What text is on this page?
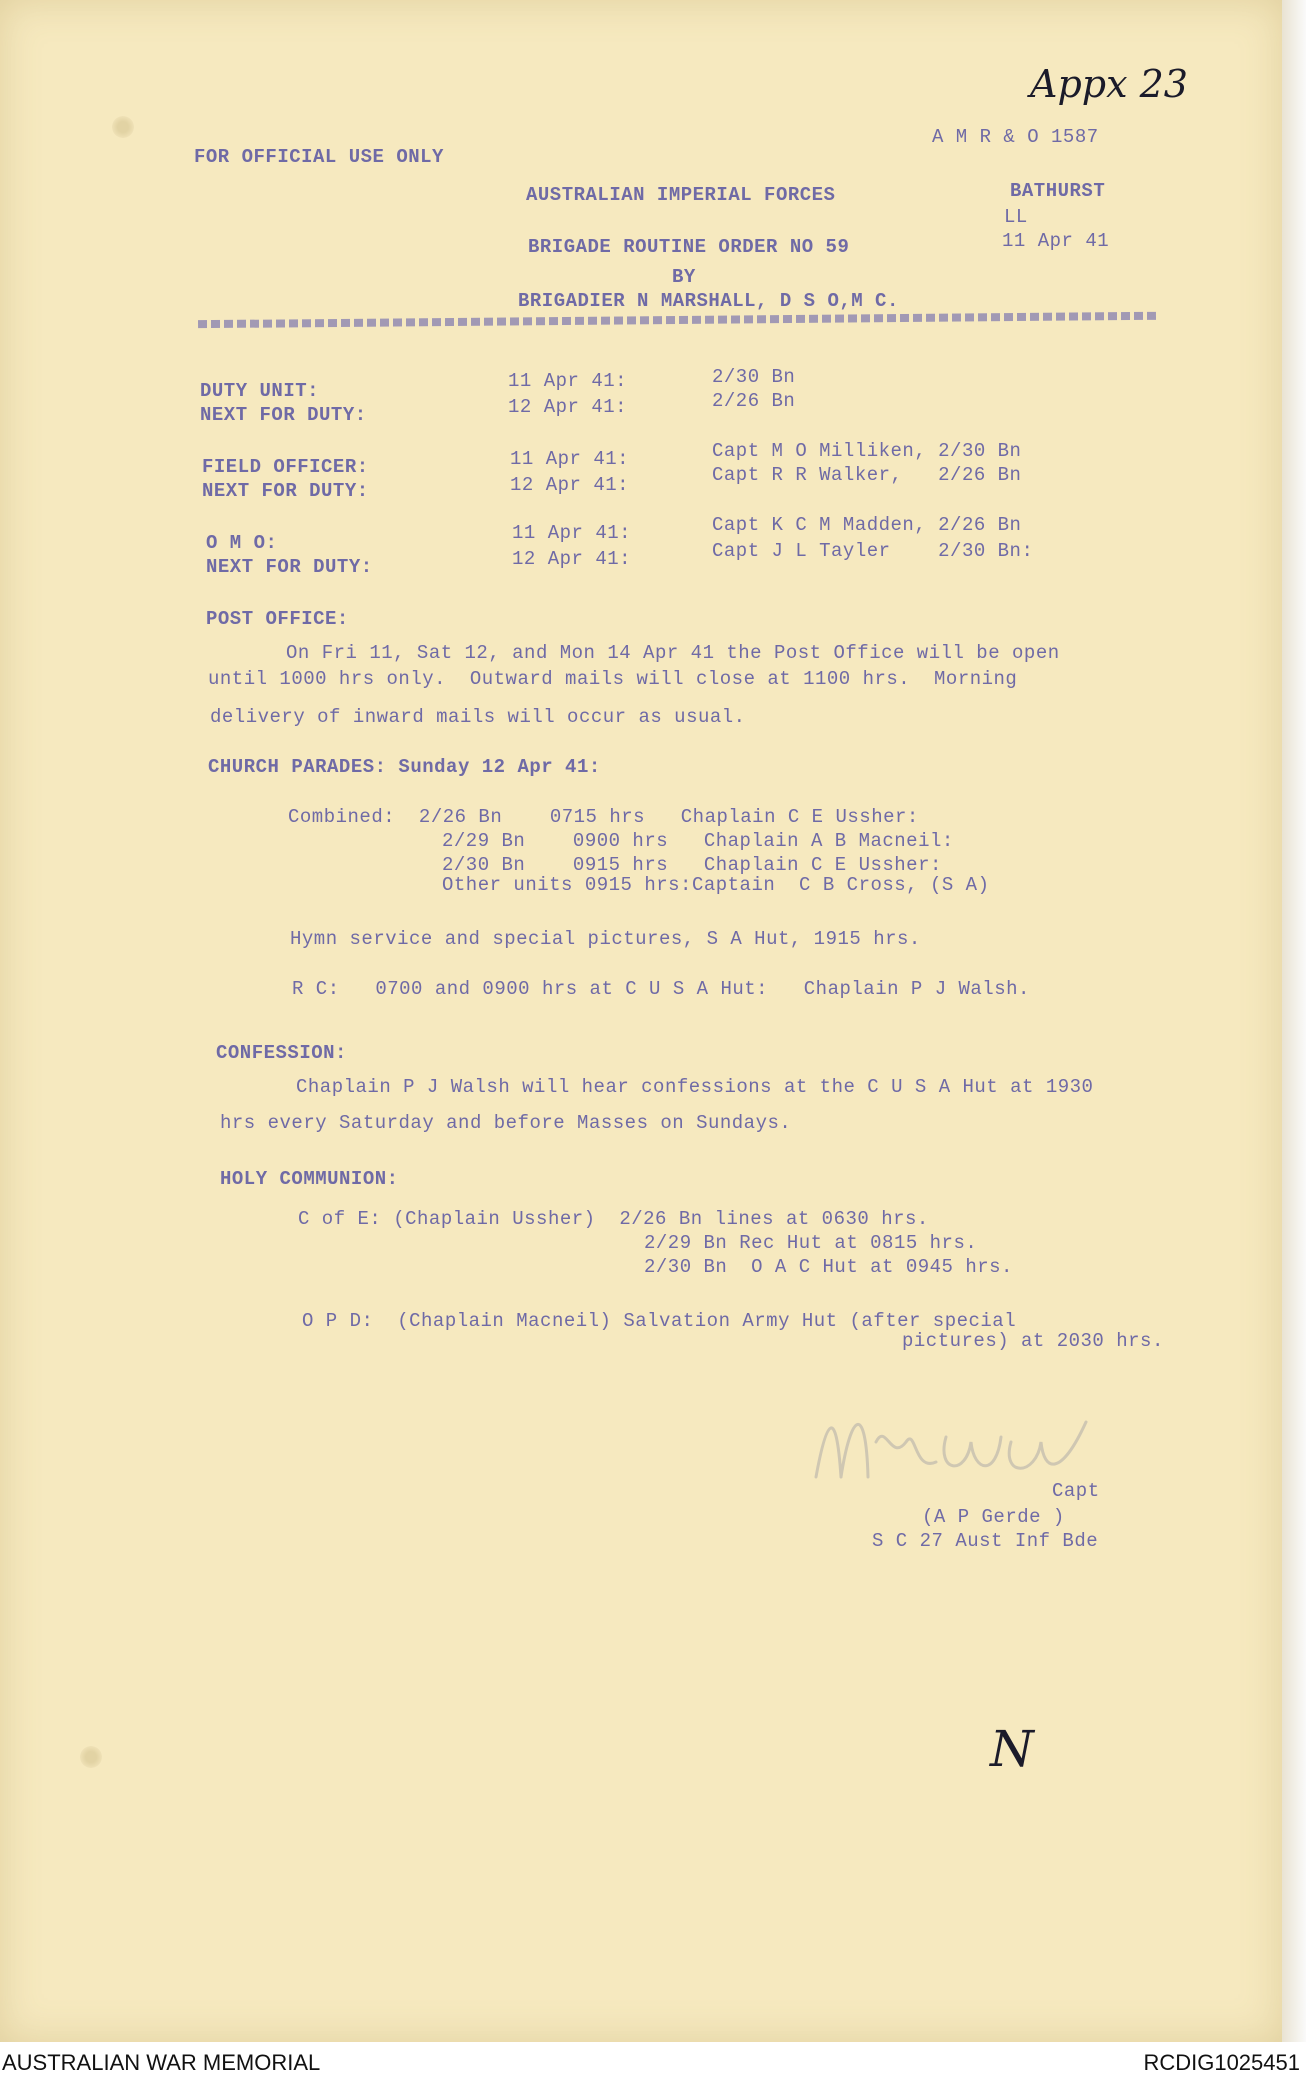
Appx 23
FOR OFFICIAL USE ONLY
A M R & O 1587
AUSTRALIAN IMPERIAL FORCES	BATHURST
LL
11 Apr 41
BRIGADE ROUTINE ORDER NO 59
BY
BRIGADIER N MARSHALL, D S O,M C.
DUTY UNIT:
NEXT FOR DUTY:
11 Apr 41:
12 Apr 41:
2/30 Bn
2/26 Bn
FIELD OFFICER:
NEXT FOR DUTY:
11 Apr 41:
12 Apr 41:
Capt M O Milliken, 2/30 Bn
Capt R R Walker,   2/26 Bn
O M O:
NEXT FOR DUTY:
11 Apr 41:
12 Apr 41:
Capt K C M Madden, 2/26 Bn
Capt J L Tayler    2/30 Bn:
POST OFFICE:
On Fri 11, Sat 12, and Mon 14 Apr 41 the Post Office will be open
until 1000 hrs only.  Outward mails will close at 1100 hrs.  Morning
delivery of inward mails will occur as usual.
CHURCH PARADES: Sunday 12 Apr 41:
Combined:  2/26 Bn    0715 hrs   Chaplain C E Ussher:
2/29 Bn    0900 hrs   Chaplain A B Macneil:
2/30 Bn    0915 hrs   Chaplain C E Ussher:
Other units 0915 hrs:Captain  C B Cross, (S A)
Hymn service and special pictures, S A Hut, 1915 hrs.
R C:   0700 and 0900 hrs at C U S A Hut:   Chaplain P J Walsh.
CONFESSION:
Chaplain P J Walsh will hear confessions at the C U S A Hut at 1930
hrs every Saturday and before Masses on Sundays.
HOLY COMMUNION:
C of E: (Chaplain Ussher)  2/26 Bn lines at 0630 hrs.
2/29 Bn Rec Hut at 0815 hrs.
2/30 Bn  O A C Hut at 0945 hrs.
O P D:  (Chaplain Macneil) Salvation Army Hut (after special
pictures) at 2030 hrs.
Capt
(A P Gerde )
S C 27 Aust Inf Bde
N
AUSTRALIAN WAR MEMORIAL	RCDIG1025451
